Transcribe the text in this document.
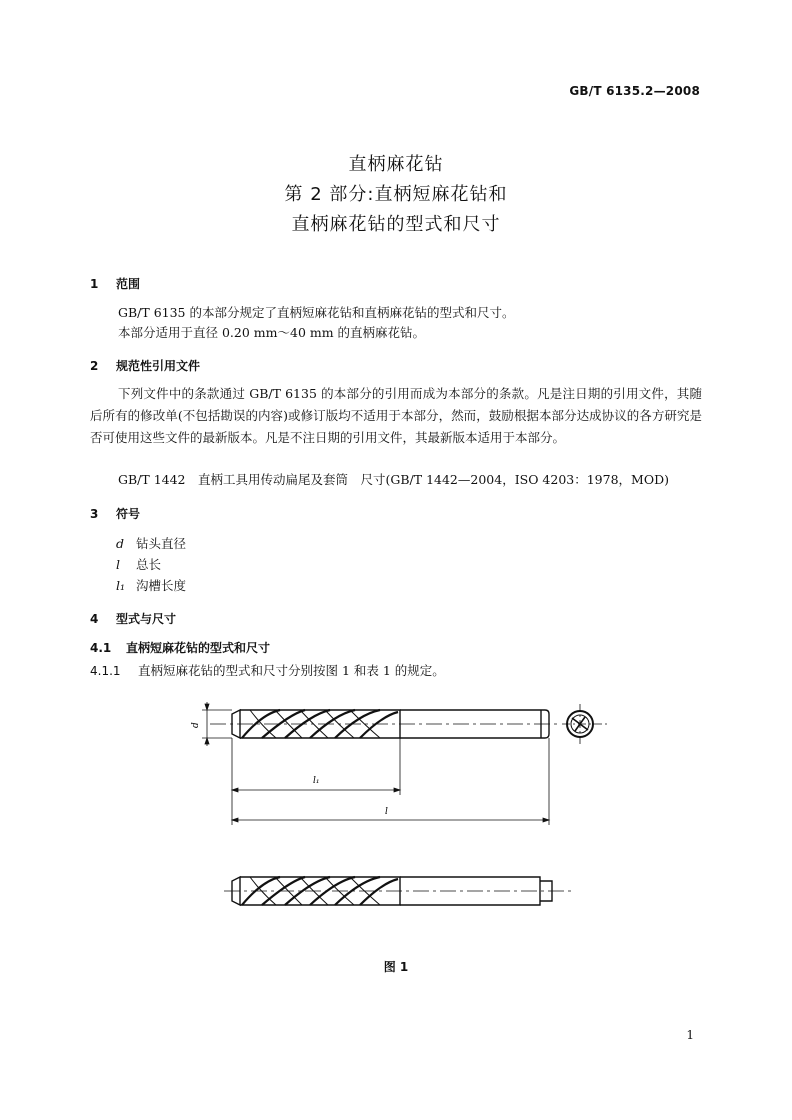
GB/T 6135.2—2008
直柄麻花钻
第 2 部分:直柄短麻花钻和
直柄麻花钻的型式和尺寸
1 范围
GB/T 6135 的本部分规定了直柄短麻花钻和直柄麻花钻的型式和尺寸。
本部分适用于直径 0.20 mm～40 mm 的直柄麻花钻。
2 规范性引用文件
下列文件中的条款通过 GB/T 6135 的本部分的引用而成为本部分的条款。凡是注日期的引用文件，其随后所有的修改单(不包括勘误的内容)或修订版均不适用于本部分，然而，鼓励根据本部分达成协议的各方研究是否可使用这些文件的最新版本。凡是不注日期的引用文件，其最新版本适用于本部分。
GB/T 1442　直柄工具用传动扁尾及套筒　尺寸(GB/T 1442—2004，ISO 4203：1978，MOD)
3 符号
d 钻头直径
l 总长
l₁ 沟槽长度
4 型式与尺寸
4.1 直柄短麻花钻的型式和尺寸
4.1.1 直柄短麻花钻的型式和尺寸分别按图 1 和表 1 的规定。
d
l₁
l
图 1
1
